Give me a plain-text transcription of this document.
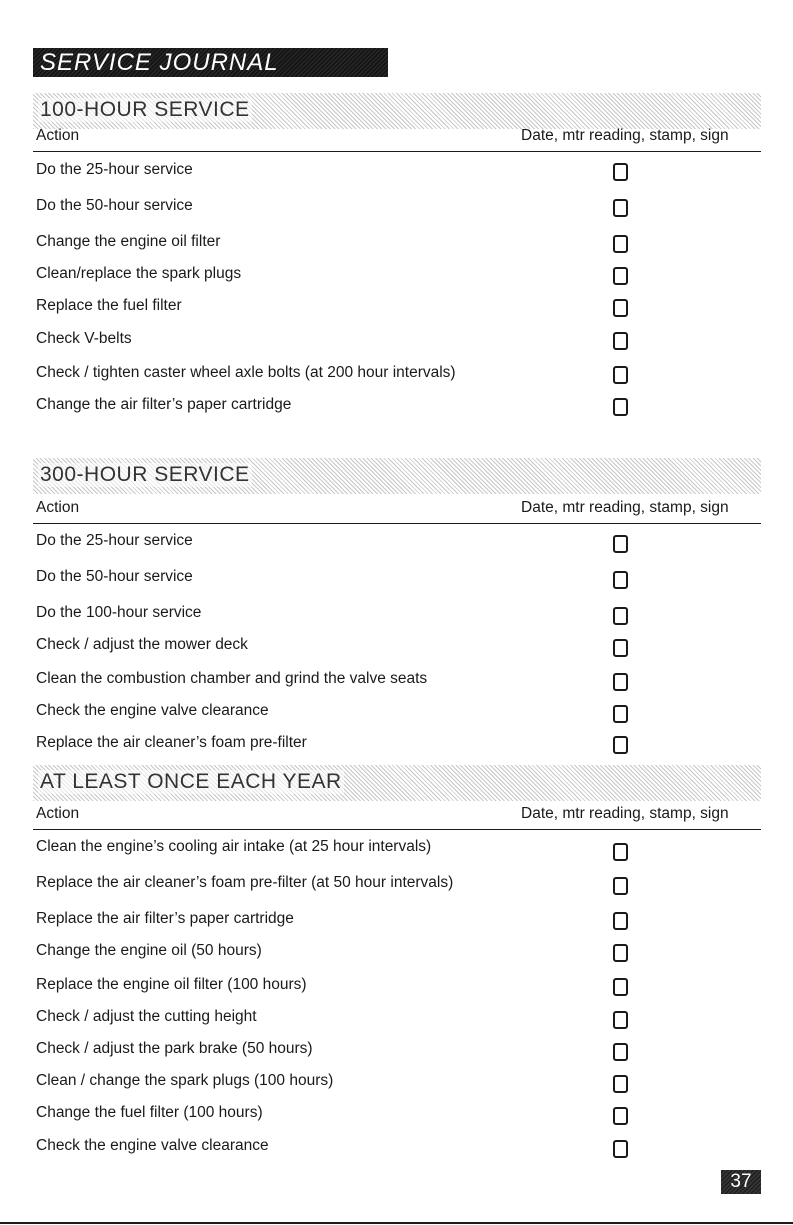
SERVICE JOURNAL
100-HOUR SERVICE
Action	Date, mtr reading, stamp, sign
Do the 25-hour service
Do the 50-hour service
Change the engine oil filter
Clean/replace the spark plugs
Replace the fuel filter
Check V-belts
Check / tighten caster wheel axle bolts (at 200 hour intervals)
Change the air filter’s paper cartridge
300-HOUR SERVICE
Action	Date, mtr reading, stamp, sign
Do the 25-hour service
Do the 50-hour service
Do the 100-hour service
Check / adjust the mower deck
Clean the combustion chamber and grind the valve seats
Check the engine valve clearance
Replace the air cleaner’s foam pre-filter
AT LEAST ONCE EACH YEAR
Action	Date, mtr reading, stamp, sign
Clean the engine’s cooling air intake (at 25 hour intervals)
Replace the air cleaner’s foam pre-filter (at 50 hour intervals)
Replace the air filter’s paper cartridge
Change the engine oil (50 hours)
Replace the engine oil filter (100 hours)
Check / adjust the cutting height
Check / adjust the park brake (50 hours)
Clean / change the spark plugs (100 hours)
Change the fuel filter (100 hours)
Check the engine valve clearance
37
